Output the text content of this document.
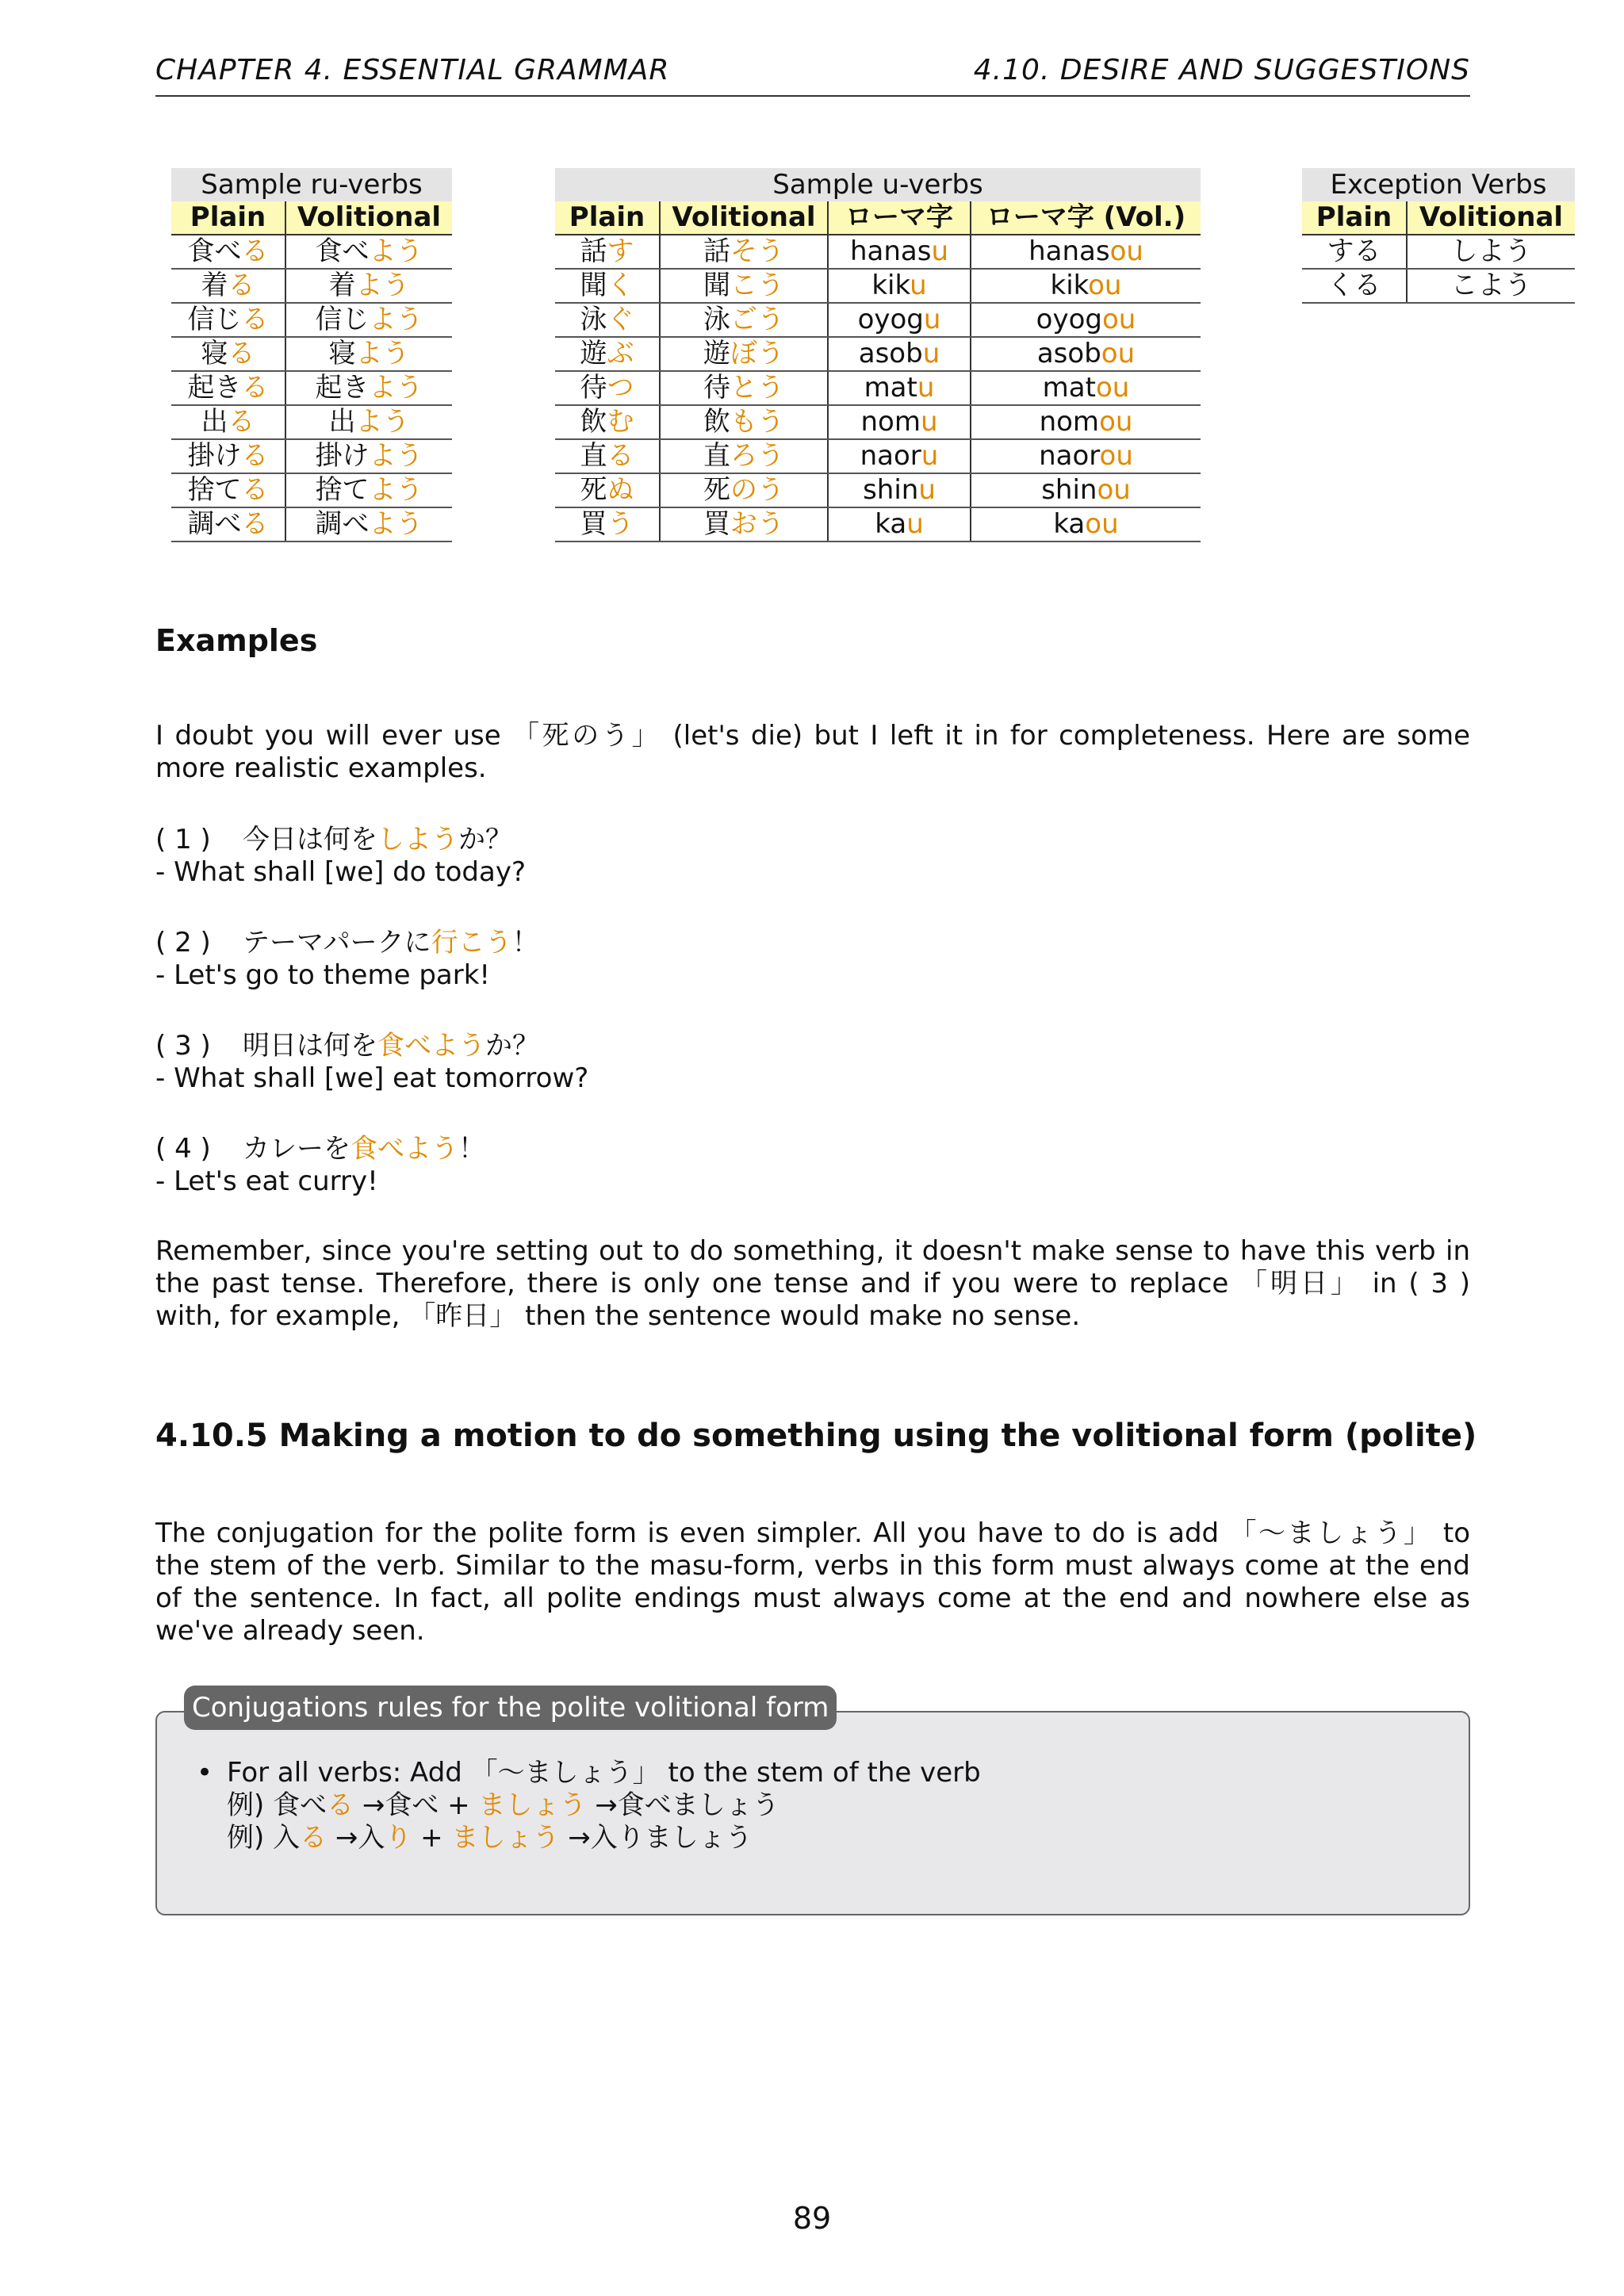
CHAPTER 4. ESSENTIAL GRAMMAR	4.10. DESIRE AND SUGGESTIONS
Sample ru-verbs	
Plain	Volitional
食べる	食べよう
着る	着よう
信じる	信じよう
寝る	寝よう
起きる	起きよう
出る	出よう
掛ける	掛けよう
捨てる	捨てよう
調べる	調べよう
Sample u-verbs			
Plain	Volitional	ローマ字	ローマ字 (Vol.)
話す	話そう	hanasu	hanasou
聞く	聞こう	kiku	kikou
泳ぐ	泳ごう	oyogu	oyogou
遊ぶ	遊ぼう	asobu	asobou
待つ	待とう	matu	matou
飲む	飲もう	nomu	nomou
直る	直ろう	naoru	naorou
死ぬ	死のう	shinu	shinou
買う	買おう	kau	kaou
Exception Verbs	
Plain	Volitional
する	しよう
くる	こよう
Examples

I doubt you will ever use 「死のう」 (let's die) but I left it in for completeness. Here are some more realistic examples.

( 1 ) 今日は何をしようか？
- What shall [we] do today?
( 2 ) テーマパークに行こう！
- Let's go to theme park!
( 3 ) 明日は何を食べようか？
- What shall [we] eat tomorrow?
( 4 ) カレーを食べよう！
- Let's eat curry!

Remember, since you're setting out to do something, it doesn't make sense to have this verb in the past tense. Therefore, there is only one tense and if you were to replace 「明日」 in ( 3 ) with, for example, 「昨日」 then the sentence would make no sense.

4.10.5 Making a motion to do something using the volitional form (polite)

The conjugation for the polite form is even simpler. All you have to do is add 「～ましょう」 to the stem of the verb. Similar to the masu-form, verbs in this form must always come at the end of the sentence. In fact, all polite endings must always come at the end and nowhere else as we've already seen.

Conjugations rules for the polite volitional form
• For all verbs: Add 「～ましょう」 to the stem of the verb
例) 食べる →食べ + ましょう →食べましょう
例) 入る →入り + ましょう →入りましょう
89
